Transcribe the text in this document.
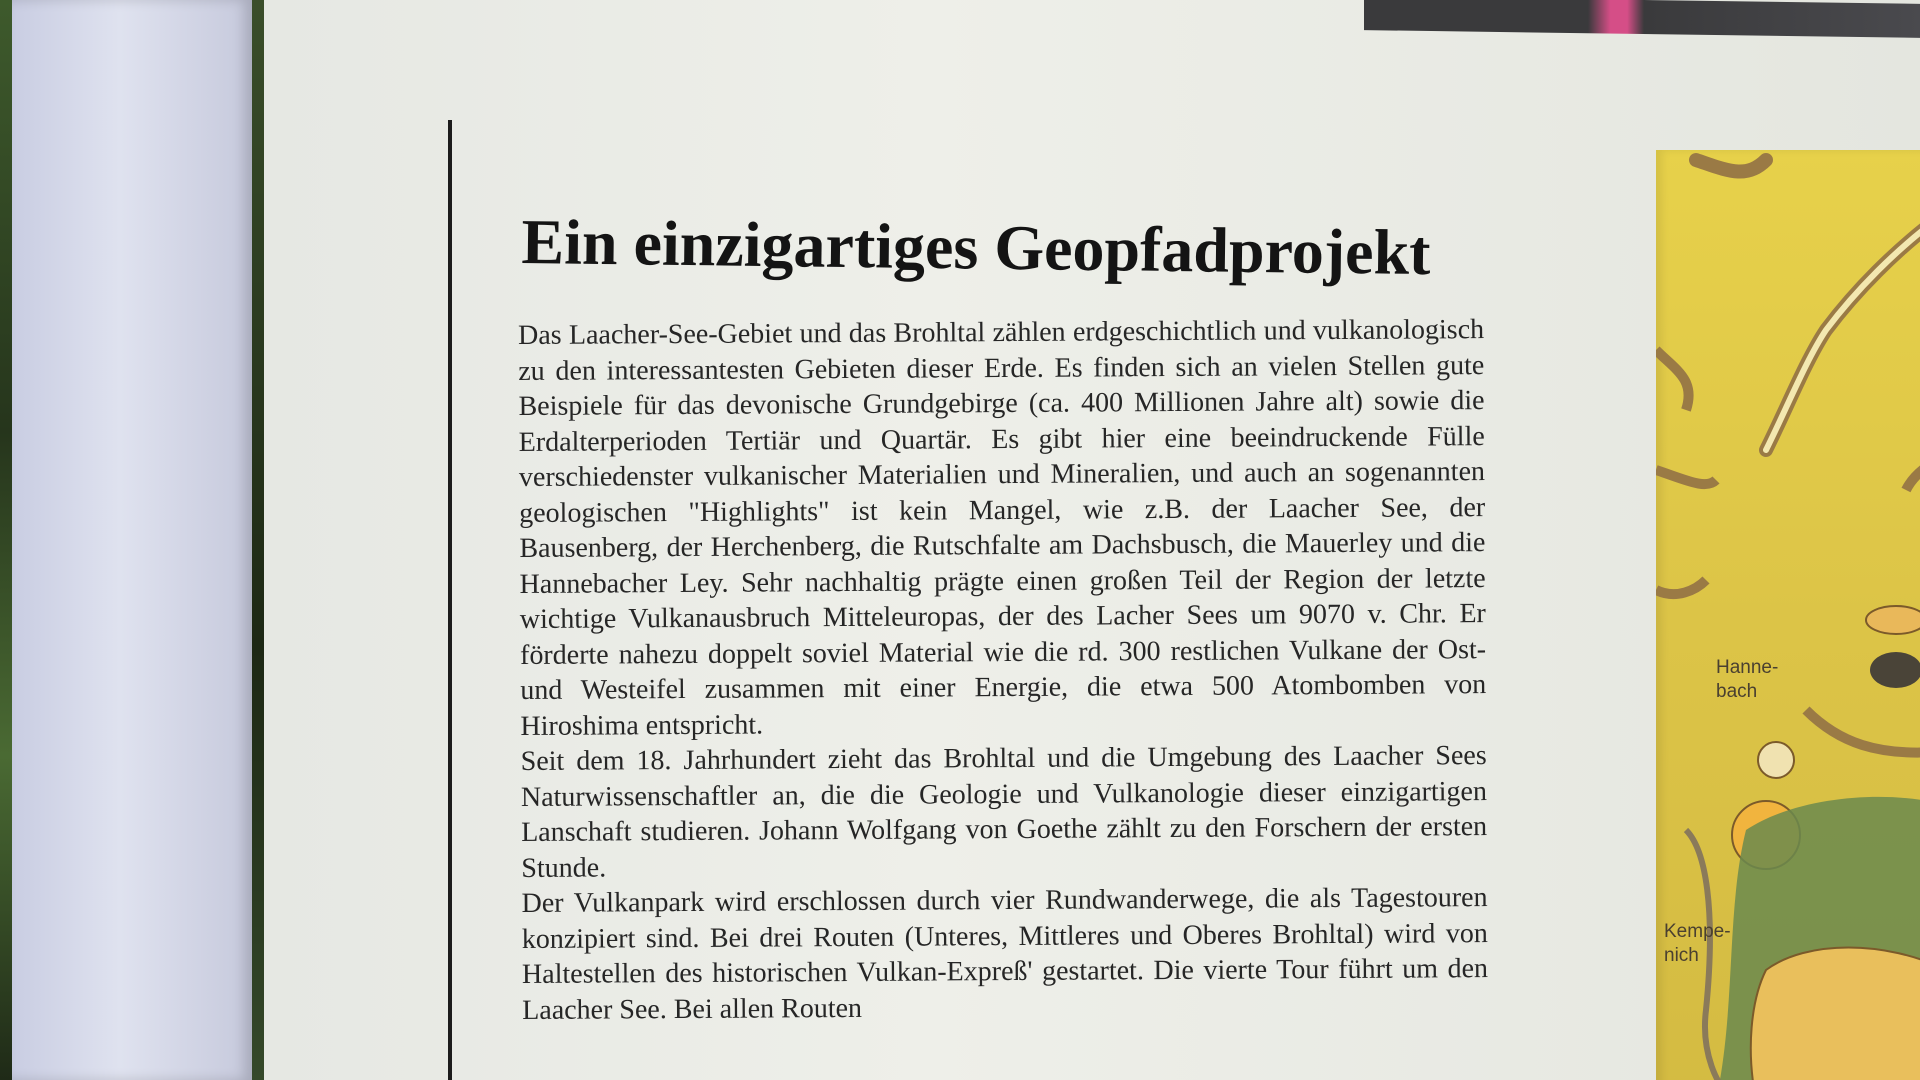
Ein einzigartiges Geopfadprojekt

Das Laacher-See-Gebiet und das Brohltal zählen erdgeschichtlich und vulkanologisch zu den interessantesten Gebieten dieser Erde. Es finden sich an vielen Stellen gute Beispiele für das devonische Grundgebirge (ca. 400 Millionen Jahre alt) sowie die Erdalterperioden Tertiär und Quartär. Es gibt hier eine beeindruckende Fülle verschiedenster vulkanischer Materialien und Mineralien, und auch an sogenannten geologischen "Highlights" ist kein Mangel, wie z.B. der Laacher See, der Bausenberg, der Herchenberg, die Rutschfalte am Dachsbusch, die Mauerley und die Hannebacher Ley. Sehr nachhaltig prägte einen großen Teil der Region der letzte wichtige Vulkanausbruch Mitteleuropas, der des Lacher Sees um 9070 v. Chr. Er förderte nahezu doppelt soviel Material wie die rd. 300 restlichen Vulkane der Ost- und Westeifel zusammen mit einer Energie, die etwa 500 Atombomben von Hiroshima entspricht.

Seit dem 18. Jahrhundert zieht das Brohltal und die Umgebung des Laacher Sees Naturwissenschaftler an, die die Geologie und Vulkanologie dieser einzigartigen Lanschaft studieren. Johann Wolfgang von Goethe zählt zu den Forschern der ersten Stunde.

Der Vulkanpark wird erschlossen durch vier Rundwanderwege, die als Tagestouren konzipiert sind. Bei drei Routen (Unteres, Mittleres und Oberes Brohltal) wird von Haltestellen des historischen Vulkan-Expreß' gestartet. Die vierte Tour führt um den Laacher See. Bei allen Routen

Hanne-
bach
Kempe-
nich
